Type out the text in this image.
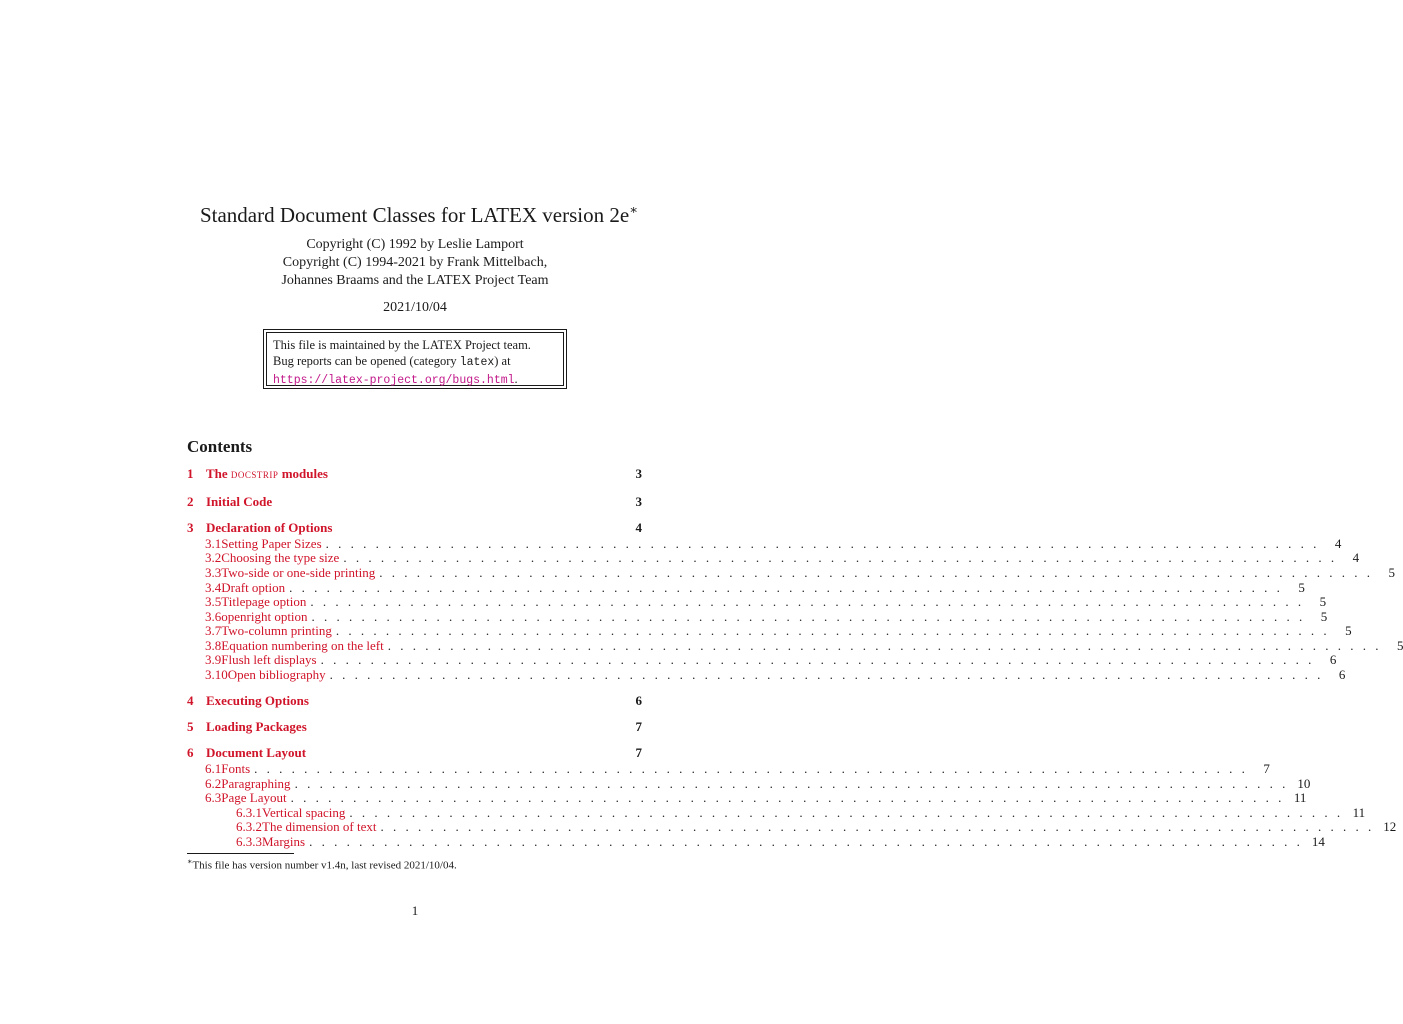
Standard Document Classes for LATEX version 2e∗
Copyright (C) 1992 by Leslie Lamport
Copyright (C) 1994-2021 by Frank Mittelbach,
Johannes Braams and the LATEX Project Team
2021/10/04
This file is maintained by the LATEX Project team.
Bug reports can be opened (category latex) at
https://latex-project.org/bugs.html.
Contents
1 The docstrip modules	3
2 Initial Code	3
3 Declaration of Options	4
3.1 Setting Paper Sizes . . . . . . . . . . . . . . . . . . . . . . . . . . . . . . . . . . . . . . . . . . . . . . . . . . . . . . . . . . . . . . . . . . . . . . . . . . . . . . . .	4
3.2 Choosing the type size . . . . . . . . . . . . . . . . . . . . . . . . . . . . . . . . . . . . . . . . . . . . . . . . . . . . . . . . . . . . . . . . . . . . . . . . . . . . . . . .	4
3.3 Two-side or one-side printing . . . . . . . . . . . . . . . . . . . . . . . . . . . . . . . . . . . . . . . . . . . . . . . . . . . . . . . . . . . . . . . . . . . . . . . . . . . . . . . .	5
3.4 Draft option . . . . . . . . . . . . . . . . . . . . . . . . . . . . . . . . . . . . . . . . . . . . . . . . . . . . . . . . . . . . . . . . . . . . . . . . . . . . . . . .	5
3.5 Titlepage option . . . . . . . . . . . . . . . . . . . . . . . . . . . . . . . . . . . . . . . . . . . . . . . . . . . . . . . . . . . . . . . . . . . . . . . . . . . . . . . .	5
3.6 openright option . . . . . . . . . . . . . . . . . . . . . . . . . . . . . . . . . . . . . . . . . . . . . . . . . . . . . . . . . . . . . . . . . . . . . . . . . . . . . . . .	5
3.7 Two-column printing . . . . . . . . . . . . . . . . . . . . . . . . . . . . . . . . . . . . . . . . . . . . . . . . . . . . . . . . . . . . . . . . . . . . . . . . . . . . . . . .	5
3.8 Equation numbering on the left . . . . . . . . . . . . . . . . . . . . . . . . . . . . . . . . . . . . . . . . . . . . . . . . . . . . . . . . . . . . . . . . . . . . . . . . . . . . . . . .	5
3.9 Flush left displays . . . . . . . . . . . . . . . . . . . . . . . . . . . . . . . . . . . . . . . . . . . . . . . . . . . . . . . . . . . . . . . . . . . . . . . . . . . . . . . .	6
3.10 Open bibliography . . . . . . . . . . . . . . . . . . . . . . . . . . . . . . . . . . . . . . . . . . . . . . . . . . . . . . . . . . . . . . . . . . . . . . . . . . . . . . . .	6
4 Executing Options	6
5 Loading Packages	7
6 Document Layout	7
6.1 Fonts . . . . . . . . . . . . . . . . . . . . . . . . . . . . . . . . . . . . . . . . . . . . . . . . . . . . . . . . . . . . . . . . . . . . . . . . . . . . . . . .	7
6.2 Paragraphing . . . . . . . . . . . . . . . . . . . . . . . . . . . . . . . . . . . . . . . . . . . . . . . . . . . . . . . . . . . . . . . . . . . . . . . . . . . . . . . . 10
6.3 Page Layout . . . . . . . . . . . . . . . . . . . . . . . . . . . . . . . . . . . . . . . . . . . . . . . . . . . . . . . . . . . . . . . . . . . . . . . . . . . . . . . . 11
6.3.1 Vertical spacing . . . . . . . . . . . . . . . . . . . . . . . . . . . . . . . . . . . . . . . . . . . . . . . . . . . . . . . . . . . . . . . . . . . . . . . . . . . . . . . . 11
6.3.2 The dimension of text . . . . . . . . . . . . . . . . . . . . . . . . . . . . . . . . . . . . . . . . . . . . . . . . . . . . . . . . . . . . . . . . . . . . . . . . . . . . . . . . 12
6.3.3 Margins . . . . . . . . . . . . . . . . . . . . . . . . . . . . . . . . . . . . . . . . . . . . . . . . . . . . . . . . . . . . . . . . . . . . . . . . . . . . . . . . 14
∗This file has version number v1.4n, last revised 2021/10/04.
1
